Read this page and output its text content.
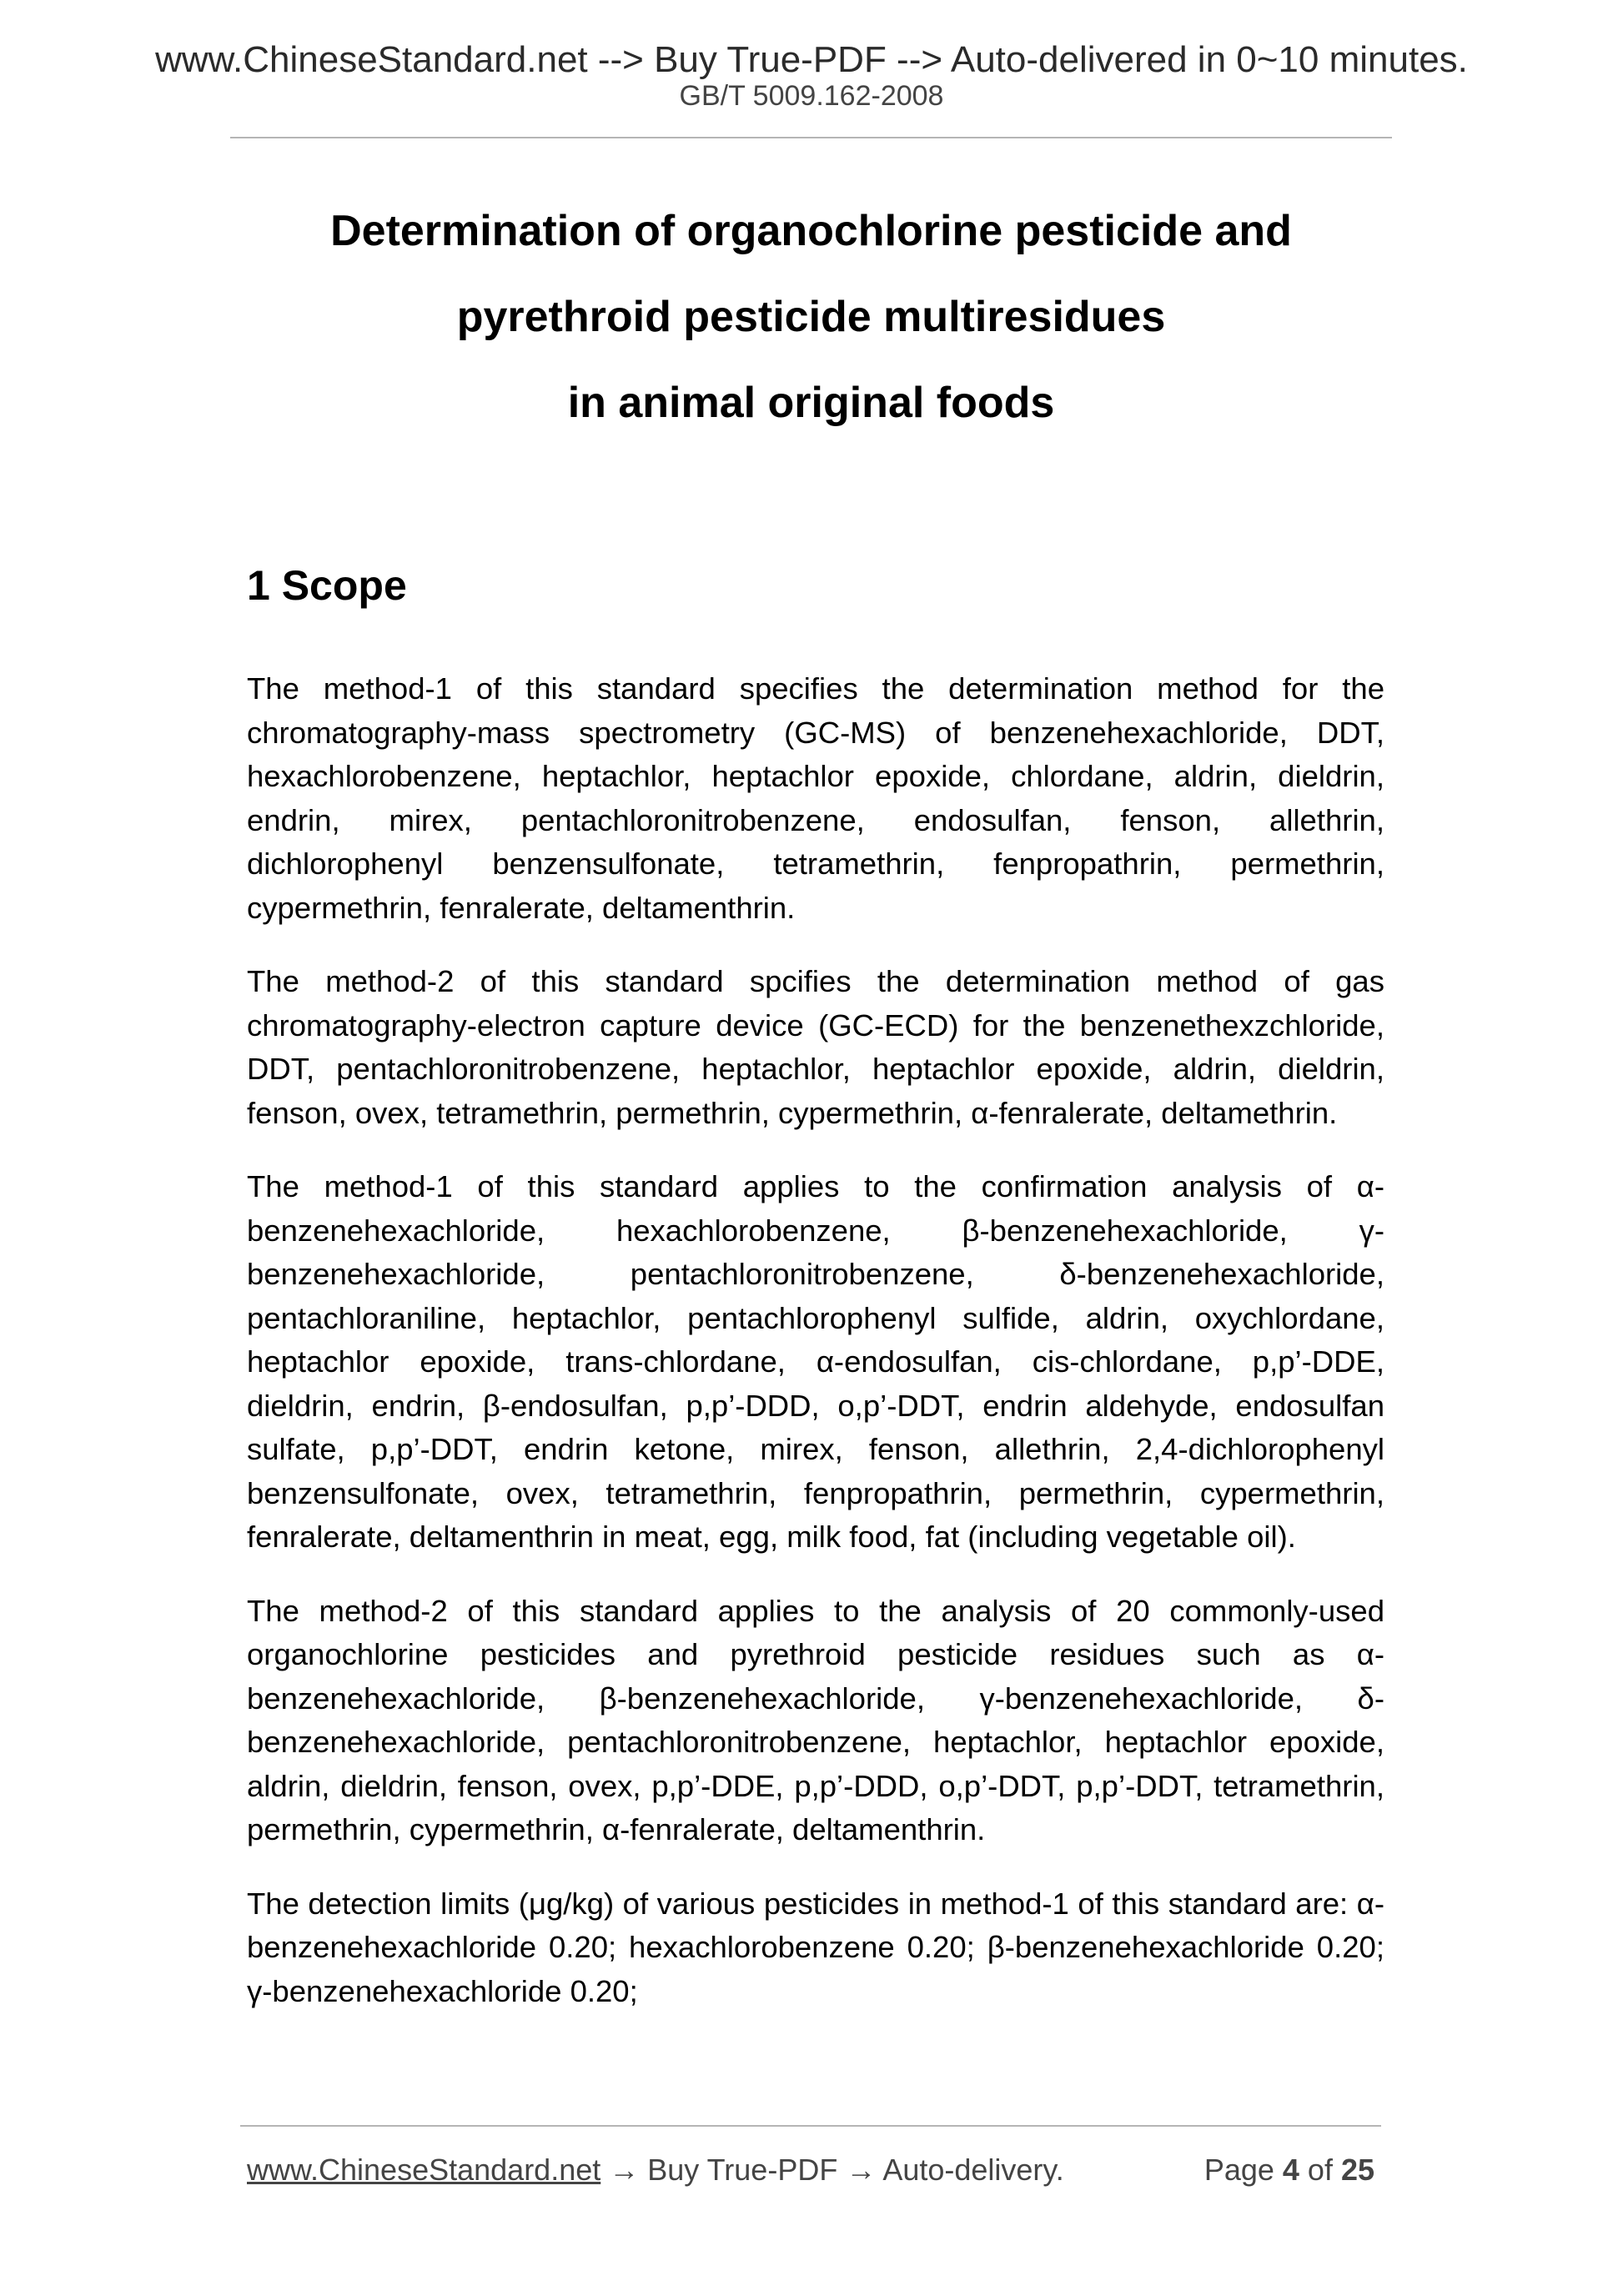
www.ChineseStandard.net --> Buy True-PDF --> Auto-delivered in 0~10 minutes.
GB/T 5009.162-2008
Determination of organochlorine pesticide and
pyrethroid pesticide multiresidues
in animal original foods
1 Scope

The method-1 of this standard specifies the determination method for the chromatography-mass spectrometry (GC-MS) of benzenehexachloride, DDT, hexachlorobenzene, heptachlor, heptachlor epoxide, chlordane, aldrin, dieldrin, endrin, mirex, pentachloronitrobenzene, endosulfan, fenson, allethrin, dichlorophenyl benzensulfonate, tetramethrin, fenpropathrin, permethrin, cypermethrin, fenralerate, deltamenthrin.

The method-2 of this standard spcifies the determination method of gas chromatography-electron capture device (GC-ECD) for the benzenethexzchloride, DDT, pentachloronitrobenzene, heptachlor, heptachlor epoxide, aldrin, dieldrin, fenson, ovex, tetramethrin, permethrin, cypermethrin, α-fenralerate, deltamethrin.

The method-1 of this standard applies to the confirmation analysis of α-benzenehexachloride, hexachlorobenzene, β-benzenehexachloride, γ-benzenehexachloride, pentachloronitrobenzene, δ-benzenehexachloride, pentachloraniline, heptachlor, pentachlorophenyl sulfide, aldrin, oxychlordane, heptachlor epoxide, trans-chlordane, α-endosulfan, cis-chlordane, p,p’-DDE, dieldrin, endrin, β-endosulfan, p,p’-DDD, o,p’-DDT, endrin aldehyde, endosulfan sulfate, p,p’-DDT, endrin ketone, mirex, fenson, allethrin, 2,4-dichlorophenyl benzensulfonate, ovex, tetramethrin, fenpropathrin, permethrin, cypermethrin, fenralerate, deltamenthrin in meat, egg, milk food, fat (including vegetable oil).

The method-2 of this standard applies to the analysis of 20 commonly-used organochlorine pesticides and pyrethroid pesticide residues such as α-benzenehexachloride, β-benzenehexachloride, γ-benzenehexachloride, δ-benzenehexachloride, pentachloronitrobenzene, heptachlor, heptachlor epoxide, aldrin, dieldrin, fenson, ovex, p,p’-DDE, p,p’-DDD, o,p’-DDT, p,p’-DDT, tetramethrin, permethrin, cypermethrin, α-fenralerate, deltamenthrin.

The detection limits (μg/kg) of various pesticides in method-1 of this standard are: α-benzenehexachloride 0.20; hexachlorobenzene 0.20; β-benzenehexachloride 0.20; γ-benzenehexachloride 0.20;

www.ChineseStandard.net → Buy True-PDF → Auto-delivery.	Page 4 of 25
